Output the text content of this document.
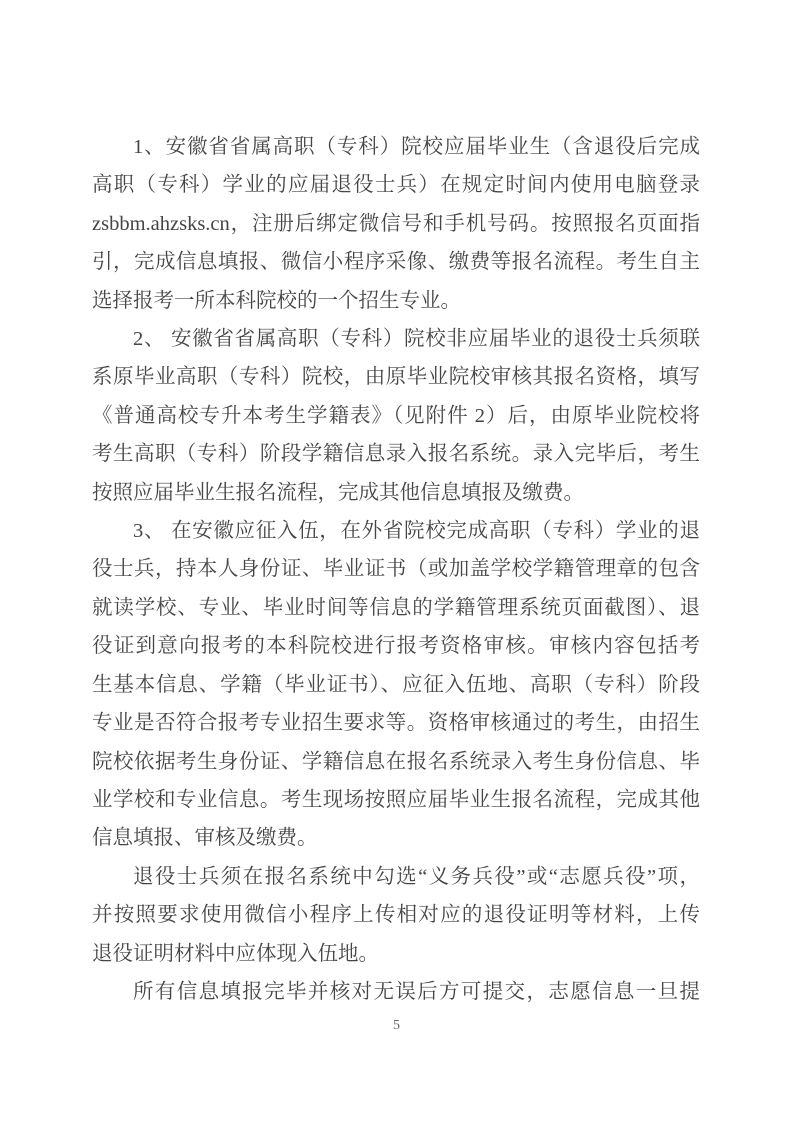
1、安徽省省属高职（专科）院校应届毕业生（含退役后完成
高职（专科）学业的应届退役士兵）在规定时间内使用电脑登录
zsbbm.ahzsks.cn，注册后绑定微信号和手机号码。按照报名页面指
引，完成信息填报、微信小程序采像、缴费等报名流程。考生自主
选择报考一所本科院校的一个招生专业。
2、 安徽省省属高职（专科）院校非应届毕业的退役士兵须联
系原毕业高职（专科）院校，由原毕业院校审核其报名资格，填写
《普通高校专升本考生学籍表》（见附件 2）后，由原毕业院校将
考生高职（专科）阶段学籍信息录入报名系统。录入完毕后，考生
按照应届毕业生报名流程，完成其他信息填报及缴费。
3、 在安徽应征入伍，在外省院校完成高职（专科）学业的退
役士兵，持本人身份证、毕业证书（或加盖学校学籍管理章的包含
就读学校、专业、毕业时间等信息的学籍管理系统页面截图）、退
役证到意向报考的本科院校进行报考资格审核。审核内容包括考
生基本信息、学籍（毕业证书）、应征入伍地、高职（专科）阶段
专业是否符合报考专业招生要求等。资格审核通过的考生，由招生
院校依据考生身份证、学籍信息在报名系统录入考生身份信息、毕
业学校和专业信息。考生现场按照应届毕业生报名流程，完成其他
信息填报、审核及缴费。
退役士兵须在报名系统中勾选“义务兵役”或“志愿兵役”项，
并按照要求使用微信小程序上传相对应的退役证明等材料，上传
退役证明材料中应体现入伍地。
所有信息填报完毕并核对无误后方可提交，志愿信息一旦提
5
